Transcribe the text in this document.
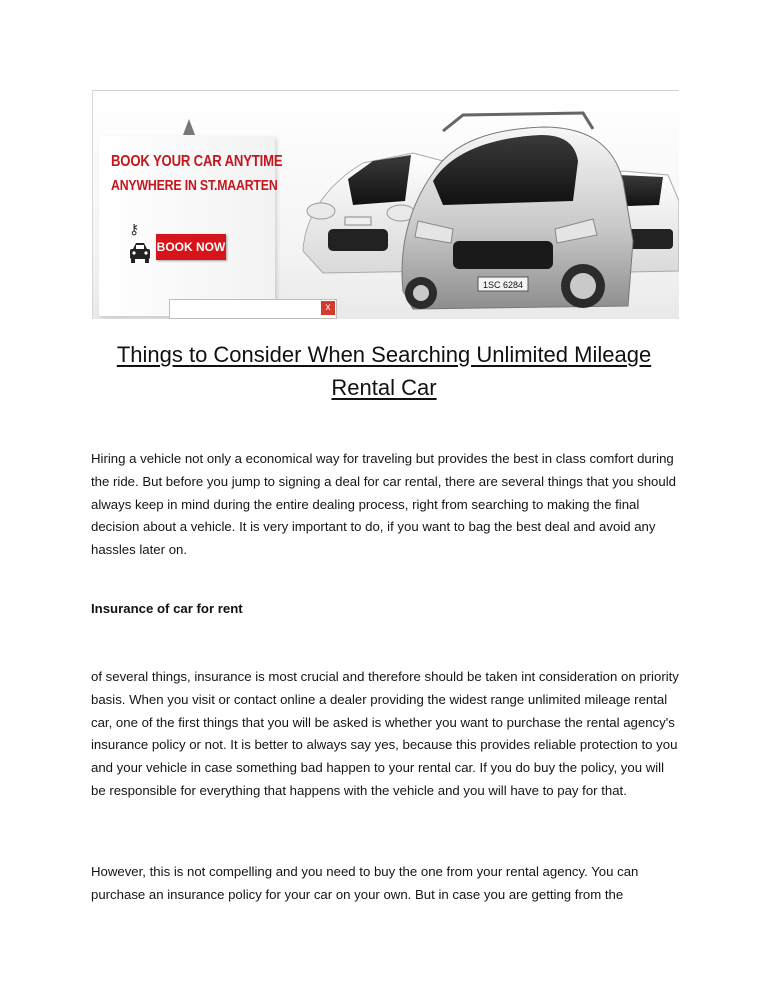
BOOK YOUR CAR ANYTIME
ANYWHERE IN ST.MAARTEN
⚷
BOOK NOW
x
1SC 6284
Things to Consider When Searching Unlimited Mileage Rental Car

Hiring a vehicle not only a economical way for traveling but provides the best in class comfort during the ride. But before you jump to signing a deal for car rental, there are several things that you should always keep in mind during the entire dealing process, right from searching to making the final decision about a vehicle. It is very important to do, if you want to bag the best deal and avoid any hassles later on.

Insurance of car for rent

of several things, insurance is most crucial and therefore should be taken int consideration on priority basis. When you visit or contact online a dealer providing the widest range unlimited mileage rental car, one of the first things that you will be asked is whether you want to purchase the rental agency's insurance policy or not. It is better to always say yes, because this provides reliable protection to you and your vehicle in case something bad happen to your rental car. If you do buy the policy, you will be responsible for everything that happens with the vehicle and you will have to pay for that.

However, this is not compelling and you need to buy the one from your rental agency. You can purchase an insurance policy for your car on your own. But in case you are getting from the
